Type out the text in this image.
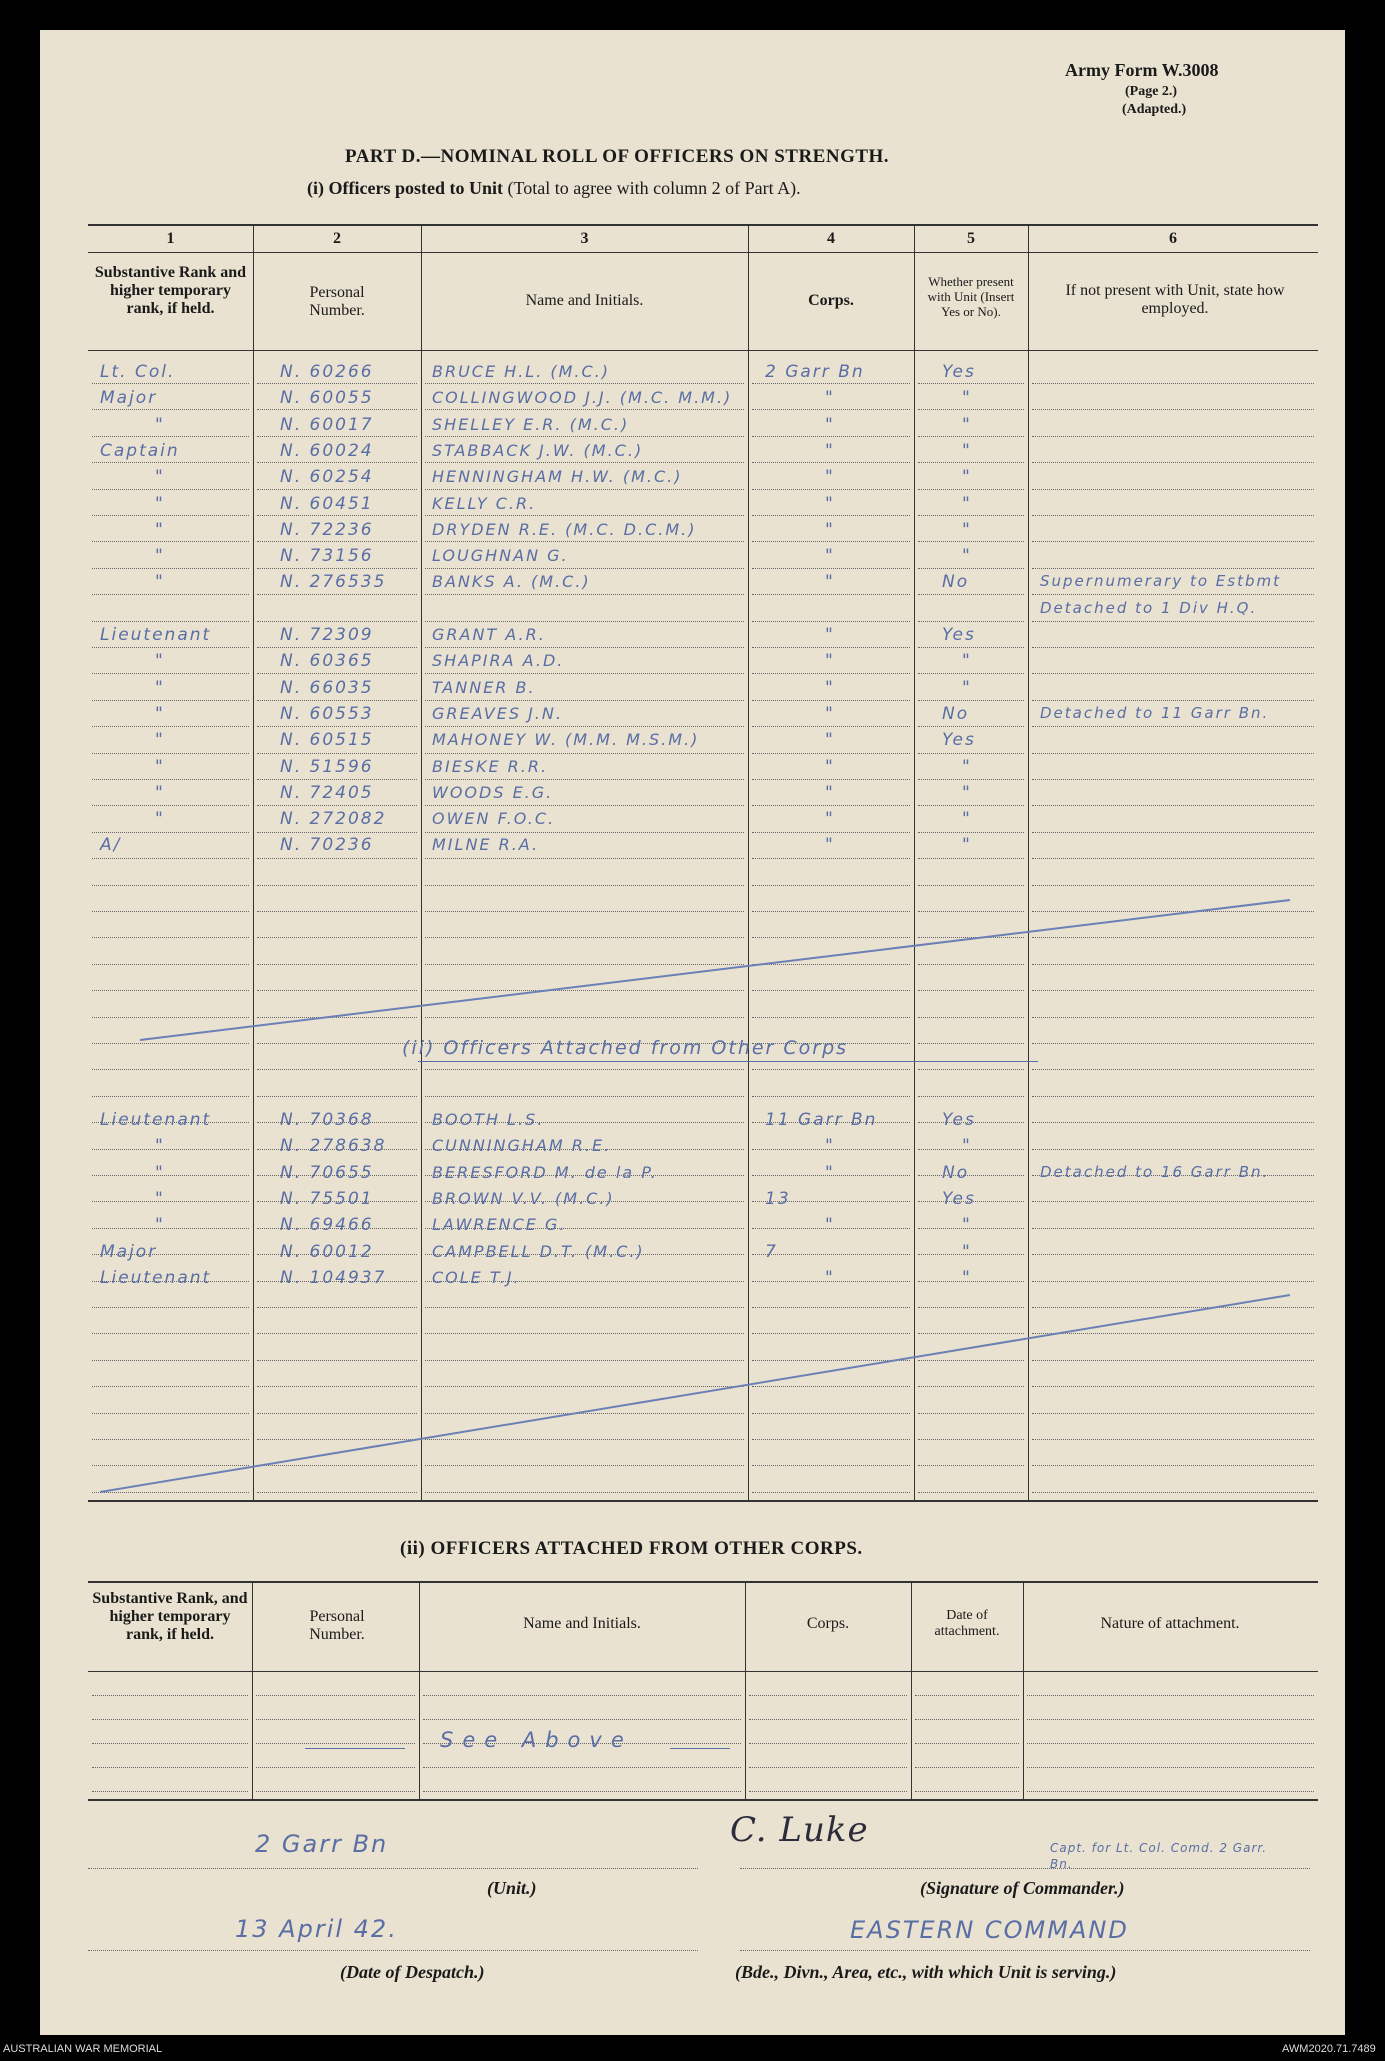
Army Form W.3008
(Page 2.)
(Adapted.)
PART D.—NOMINAL ROLL OF OFFICERS ON STRENGTH.
(i) Officers posted to Unit (Total to agree with column 2 of Part A).
1	2	3	4	5	6
Substantive Rank and higher temporary rank, if held.
Personal Number.
Name and Initials.	Corps.
Whether present with Unit (Insert Yes or No).
If not present with Unit, state how employed.
Lt. Col.	N. 60266	BRUCE H.L. (M.C.)	2 Garr Bn	Yes
Major	N. 60055	COLLINGWOOD J.J. (M.C. M.M.)	"	"
"	N. 60017	SHELLEY E.R. (M.C.)	"	"
Captain	N. 60024	STABBACK J.W. (M.C.)	"	"
"	N. 60254	HENNINGHAM H.W. (M.C.)	"	"
"	N. 60451	KELLY C.R.	"	"
"	N. 72236	DRYDEN R.E. (M.C. D.C.M.)	"	"
"	N. 73156	LOUGHNAN G.	"	"
"	N. 276535	BANKS A. (M.C.)	"	No	Supernumerary to Estbmt
Detached to 1 Div H.Q.
Lieutenant	N. 72309	GRANT A.R.	"	Yes
"	N. 60365	SHAPIRA A.D.	"	"
"	N. 66035	TANNER B.	"	"
"	N. 60553	GREAVES J.N.	"	No	Detached to 11 Garr Bn.
"	N. 60515	MAHONEY W. (M.M. M.S.M.)	"	Yes
"	N. 51596	BIESKE R.R.	"	"
"	N. 72405	WOODS E.G.	"	"
"	N. 272082	OWEN F.O.C.	"	"
A/	N. 70236	MILNE R.A.	"	"
(ii) Officers Attached from Other Corps
Lieutenant	N. 70368	BOOTH L.S.	11 Garr Bn	Yes
"	N. 278638	CUNNINGHAM R.E.	"	"
"	N. 70655	BERESFORD M. de la P.	"	No	Detached to 16 Garr Bn.
"	N. 75501	BROWN V.V. (M.C.)	13	Yes
"	N. 69466	LAWRENCE G.	"	"
Major	N. 60012	CAMPBELL D.T. (M.C.)	7	"
Lieutenant	N. 104937	COLE T.J.	"	"
(ii) OFFICERS ATTACHED FROM OTHER CORPS.
Substantive Rank, and higher temporary rank, if held.
Personal Number.
Name and Initials.	Corps.	Date of attachment.	Nature of attachment.
See Above
2 Garr Bn
(Unit.)
C. Luke	Capt. for Lt. Col. Comd. 2 Garr. Bn.
(Signature of Commander.)
13 April 42.
(Date of Despatch.)
EASTERN COMMAND
(Bde., Divn., Area, etc., with which Unit is serving.)
AUSTRALIAN WAR MEMORIAL	AWM2020.71.7489
